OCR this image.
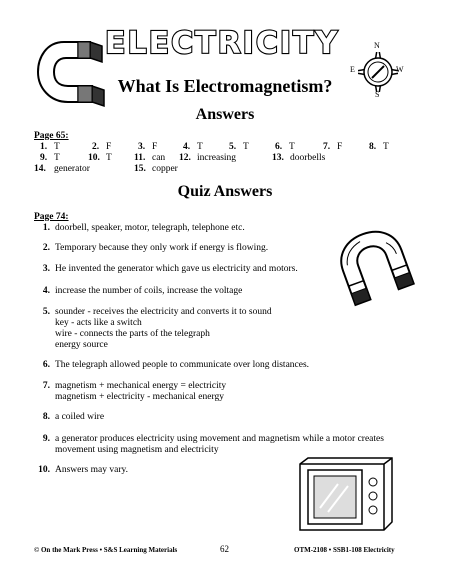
ELECTRICITY	N
E	W
S
What Is Electromagnetism?
Answers
Page 65:
1. T	2. F	3. F	4. T	5. T	6. T	7. F	8. T
9. T	10. T 11. can 12. increasing	13. doorbells
14. generator	15. copper
Quiz Answers
Page 74:
1. doorbell, speaker, motor, telegraph, telephone etc.
2. Temporary because they only work if energy is flowing.
3. He invented the generator which gave us electricity and motors.
4. increase the number of coils, increase the voltage
5. sounder - receives the electricity and converts it to sound
key - acts like a switch
wire - connects the parts of the telegraph
energy source
6. The telegraph allowed people to communicate over long distances.
7. magnetism + mechanical energy = electricity
magnetism + electricity - mechanical energy
8. a coiled wire
9. a generator produces electricity using movement and magnetism while a motor creates
movement using magnetism and electricity
10. Answers may vary.
© On the Mark Press • S&S Learning Materials	62	OTM-2108 • SSB1-108 Electricity
